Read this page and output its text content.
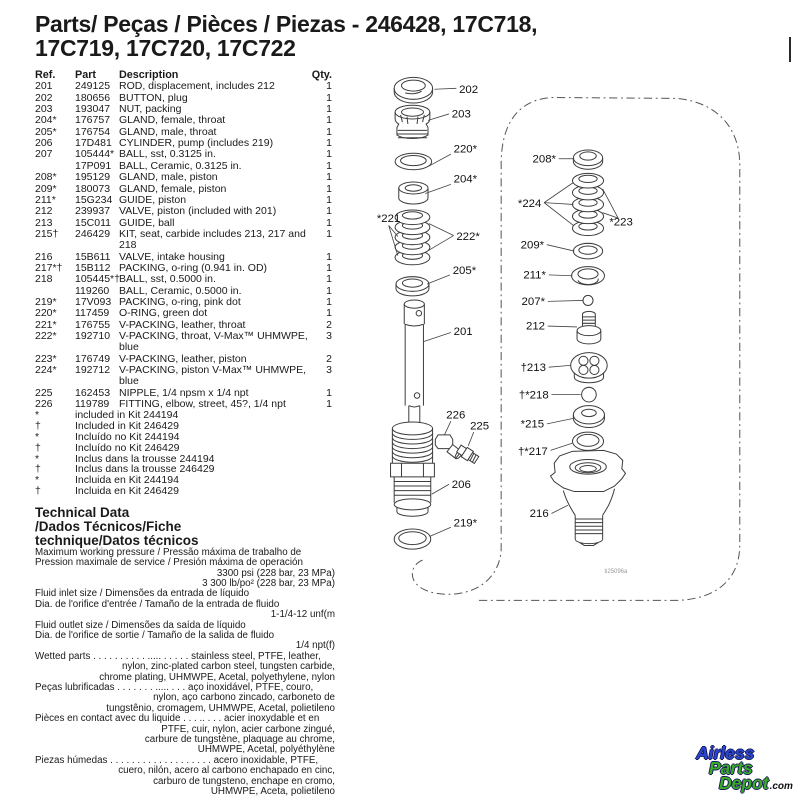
Parts/ Peças / Pièces / Piezas - 246428, 17C718,
17C719, 17C720, 17C722
Ref.	Part	Description	Qty.
201	249125 ROD, displacement, includes 212	1
202	180656 BUTTON, plug	1
203	193047 NUT, packing	1
204*	176757 GLAND, female, throat	1
205*	176754 GLAND, male, throat	1
206	17D481 CYLINDER, pump (includes 219)	1
207	105444* BALL, sst, 0.3125 in.	1
17P091 BALL, Ceramic, 0.3125 in.	1
208*	195129 GLAND, male, piston	1
209*	180073 GLAND, female, piston	1
211*	15G234 GUIDE, piston	1
212	239937 VALVE, piston (included with 201)	1
213	15C011 GUIDE, ball	1
215†	246429 KIT, seat, carbide includes 213, 217 and 218
1
216	15B611 VALVE, intake housing	1
217*†	15B112 PACKING, o-ring (0.941 in. OD)	1
218	105445*† BALL, sst, 0.5000 in.	1
119260 BALL, Ceramic, 0.5000 in.	1
219*	17V093 PACKING, o-ring, pink dot	1
220*	117459 O-RING, green dot	1
221*	176755 V-PACKING, leather, throat	2
222*	192710 V-PACKING, throat, V-Max™ UHMWPE, blue
3
223*	176749 V-PACKING, leather, piston	2
224*	192712 V-PACKING, piston V-Max™ UHMWPE, blue
3
225	162453 NIPPLE, 1/4 npsm x 1/4 npt	1
226	119789 FITTING, elbow, street, 45?, 1/4 npt	1
*	included in Kit 244194
†	Included in Kit 246429
*	Incluído no Kit 244194
†	Incluído no Kit 246429
*	Inclus dans la trousse 244194
†	Inclus dans la trousse 246429
*	Incluida en Kit 244194
†	Incluida en Kit 246429
Technical Data
/Dados Técnicos/Fiche
technique/Datos técnicos
Maximum working pressure / Pressão máxima de trabalho de
Pression maximale de service / Presión máxima de operación
3300 psi (228 bar, 23 MPa)
3 300 lb/po² (228 bar, 23 MPa)
Fluid inlet size / Dimensões da entrada de líquido
Dia. de l'orifice d'entrée / Tamaño de la entrada de fluido
1-1/4-12 unf(m
Fluid outlet size / Dimensões da saída de líquido
Dia. de l'orifice de sortie / Tamaño de la salida de fluido
1/4 npt(f)
Wetted parts . . . . . . . . . . ..... . . . . . stainless steel, PTFE, leather,
nylon, zinc-plated carbon steel, tungsten carbide,
chrome plating, UHMWPE, Acetal, polyethylene, nylon
Peças lubrificadas . . . . . . . ..... . . . aço inoxidável, PTFE, couro,
nylon, aço carbono zincado, carboneto de
tungstênio, cromagem, UHMWPE, Acetal, polietileno
Pièces en contact avec du liquide . . . .. . . . acier inoxydable et en
PTFE, cuir, nylon, acier carbone zingué,
carbure de tungstène, plaquage au chrome,
UHMWPE, Acetal, polyéthylène
Piezas húmedas . . . . . . . . . . . . . . . . . . . acero inoxidable, PTFE,
cuero, nilón, acero al carbono enchapado en cinc,
carburo de tungsteno, enchape en cromo,
UHMWPE, Aceta, polietileno
202
203
220*
204*
*221
222*
205*
201
226
225
206
219*
208*
*224
*223
209*
211*
207*
212
†213
†*218
*215
†*217
216
ti25096a
Airless
Parts
Depot.com
